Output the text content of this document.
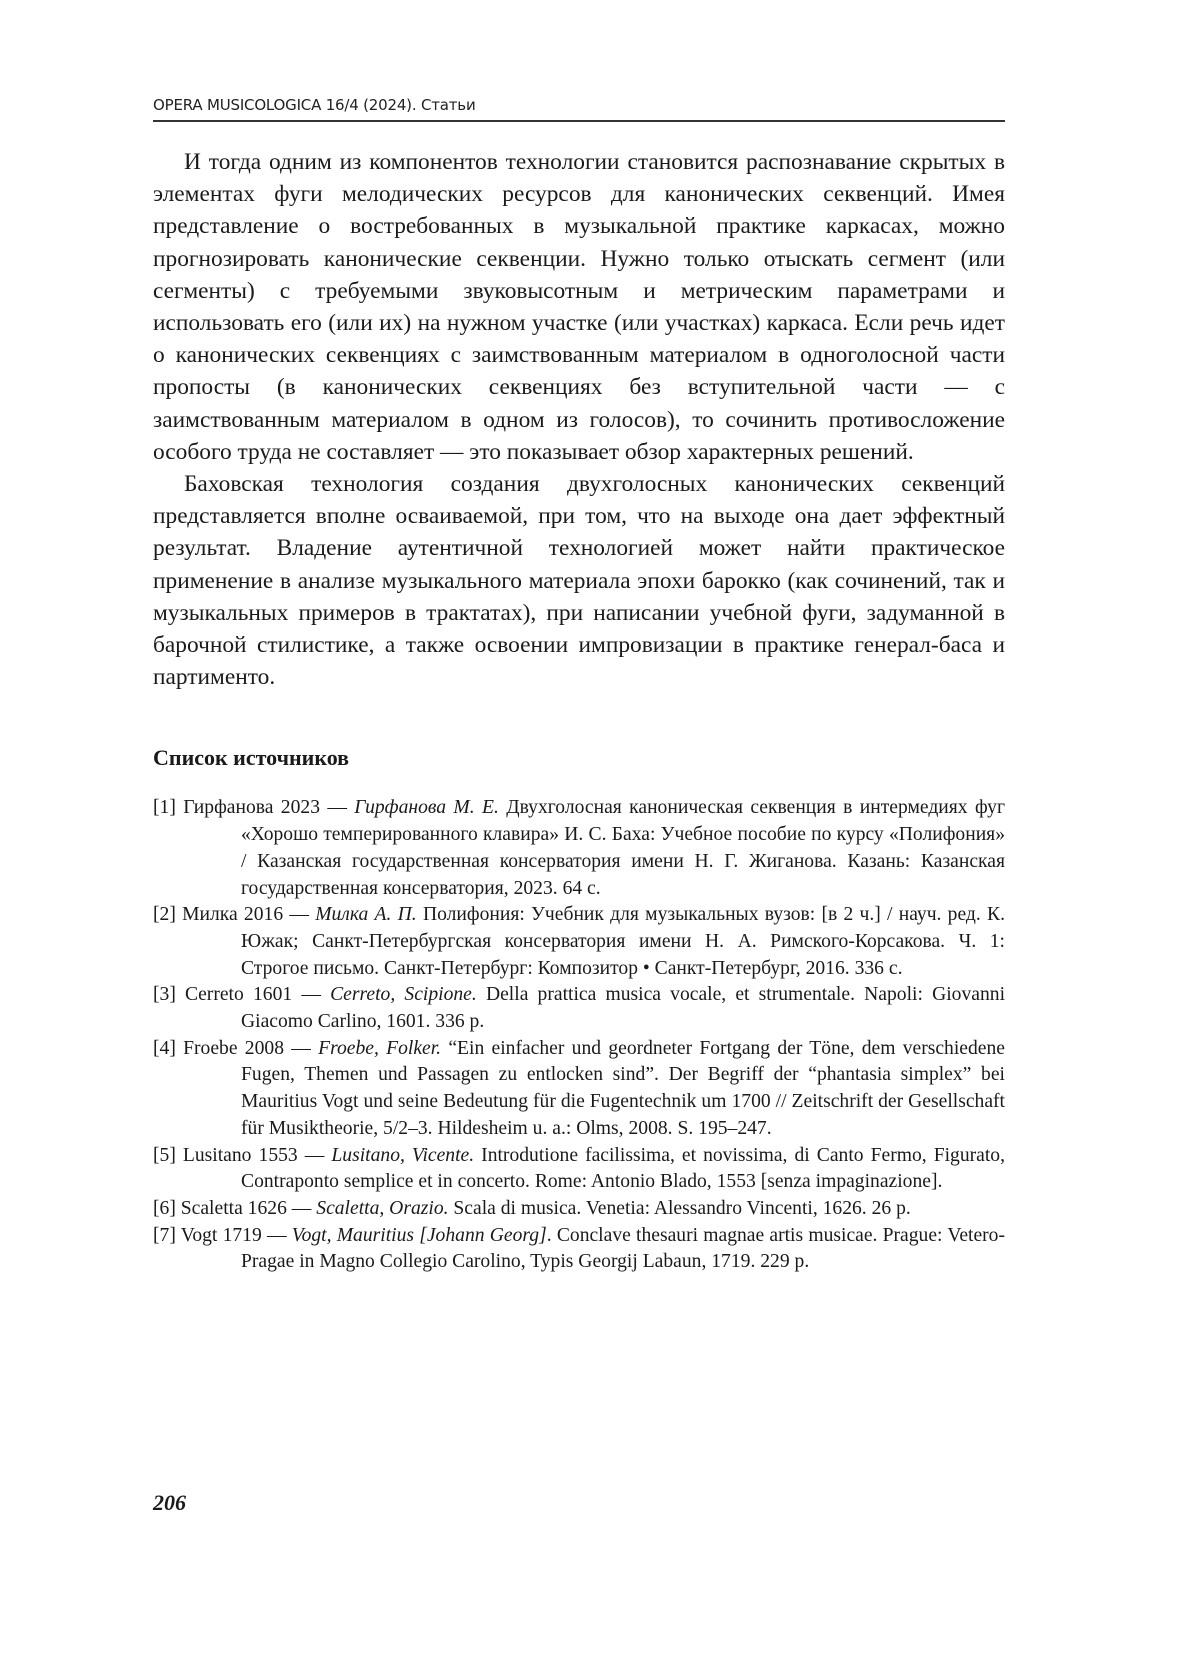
OPERA MUSICOLOGICA 16/4 (2024). Статьи

И тогда одним из компонентов технологии становится распознавание скрытых в элементах фуги мелодических ресурсов для канонических секвенций. Имея представление о востребованных в музыкальной практике каркасах, можно прогнозировать канонические секвенции. Нужно только отыскать сегмент (или сегменты) с требуемыми звуковысотным и метрическим параметрами и использовать его (или их) на нужном участке (или участках) каркаса. Если речь идет о канонических секвенциях с заимствованным материалом в одноголосной части пропосты (в канонических секвенциях без вступительной части — с заимствованным материалом в одном из голосов), то сочинить противосложение особого труда не составляет — это показывает обзор характерных решений.

Баховская технология создания двухголосных канонических секвенций представляется вполне осваиваемой, при том, что на выходе она дает эффектный результат. Владение аутентичной технологией может найти практическое применение в анализе музыкального материала эпохи барокко (как сочинений, так и музыкальных примеров в трактатах), при написании учебной фуги, задуманной в барочной стилистике, а также освоении импровизации в практике генерал-баса и партименто.

Список источников

[1] Гирфанова 2023 — Гирфанова М. Е. Двухголосная каноническая секвенция в интермедиях фуг «Хорошо темперированного клавира» И. С. Баха: Учебное пособие по курсу «Полифония» / Казанская государственная консерватория имени Н. Г. Жиганова. Казань: Казанская государственная консерватория, 2023. 64 с.

[2] Милка 2016 — Милка А. П. Полифония: Учебник для музыкальных вузов: [в 2 ч.] / науч. ред. К. Южак; Санкт-Петербургская консерватория имени Н. А. Римского-Корсакова. Ч. 1: Строгое письмо. Санкт-Петербург: Композитор • Санкт-Петербург, 2016. 336 с.

[3] Cerreto 1601 — Cerreto, Scipione. Della prattica musica vocale, et strumentale. Napoli: Giovanni Giacomo Carlino, 1601. 336 p.

[4] Froebe 2008 — Froebe, Folker. “Ein einfacher und geordneter Fortgang der Töne, dem verschiedene Fugen, Themen und Passagen zu entlocken sind”. Der Begriff der “phantasia simplex” bei Mauritius Vogt und seine Bedeutung für die Fugentechnik um 1700 // Zeitschrift der Gesellschaft für Musiktheorie, 5/2–3. Hildesheim u. a.: Olms, 2008. S. 195–247.

[5] Lusitano 1553 — Lusitano, Vicente. Introdutione facilissima, et novissima, di Canto Fermo, Figurato, Contraponto semplice et in concerto. Rome: Antonio Blado, 1553 [senza impaginazione].

[6] Scaletta 1626 — Scaletta, Orazio. Scala di musica. Venetia: Alessandro Vincenti, 1626. 26 p.

[7] Vogt 1719 — Vogt, Mauritius [Johann Georg]. Conclave thesauri magnae artis musicae. Prague: Vetero-Pragae in Magno Collegio Carolino, Typis Georgij Labaun, 1719. 229 p.

206
